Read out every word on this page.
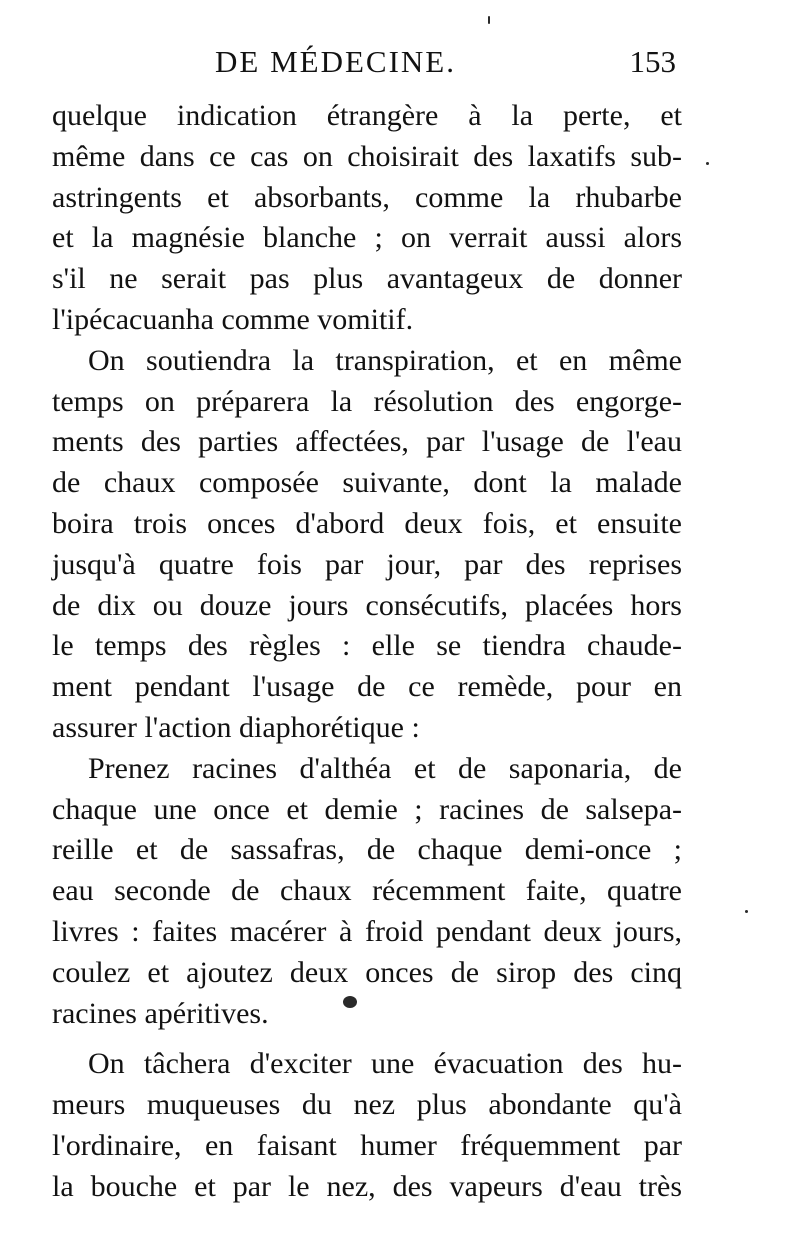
DE MÉDECINE.	153
quelque indication étrangère à la perte, et
même dans ce cas on choisirait des laxatifs sub-
astringents et absorbants, comme la rhubarbe
et la magnésie blanche ; on verrait aussi alors
s'il ne serait pas plus avantageux de donner
l'ipécacuanha comme vomitif.
On soutiendra la transpiration, et en même
temps on préparera la résolution des engorge-
ments des parties affectées, par l'usage de l'eau
de chaux composée suivante, dont la malade
boira trois onces d'abord deux fois, et ensuite
jusqu'à quatre fois par jour, par des reprises
de dix ou douze jours consécutifs, placées hors
le temps des règles : elle se tiendra chaude-
ment pendant l'usage de ce remède, pour en
assurer l'action diaphorétique :
Prenez racines d'althéa et de saponaria, de
chaque une once et demie ; racines de salsepa-
reille et de sassafras, de chaque demi-once ;
eau seconde de chaux récemment faite, quatre
livres : faites macérer à froid pendant deux jours,
coulez et ajoutez deux onces de sirop des cinq
racines apéritives.
On tâchera d'exciter une évacuation des hu-
meurs muqueuses du nez plus abondante qu'à
l'ordinaire, en faisant humer fréquemment par
la bouche et par le nez, des vapeurs d'eau très
